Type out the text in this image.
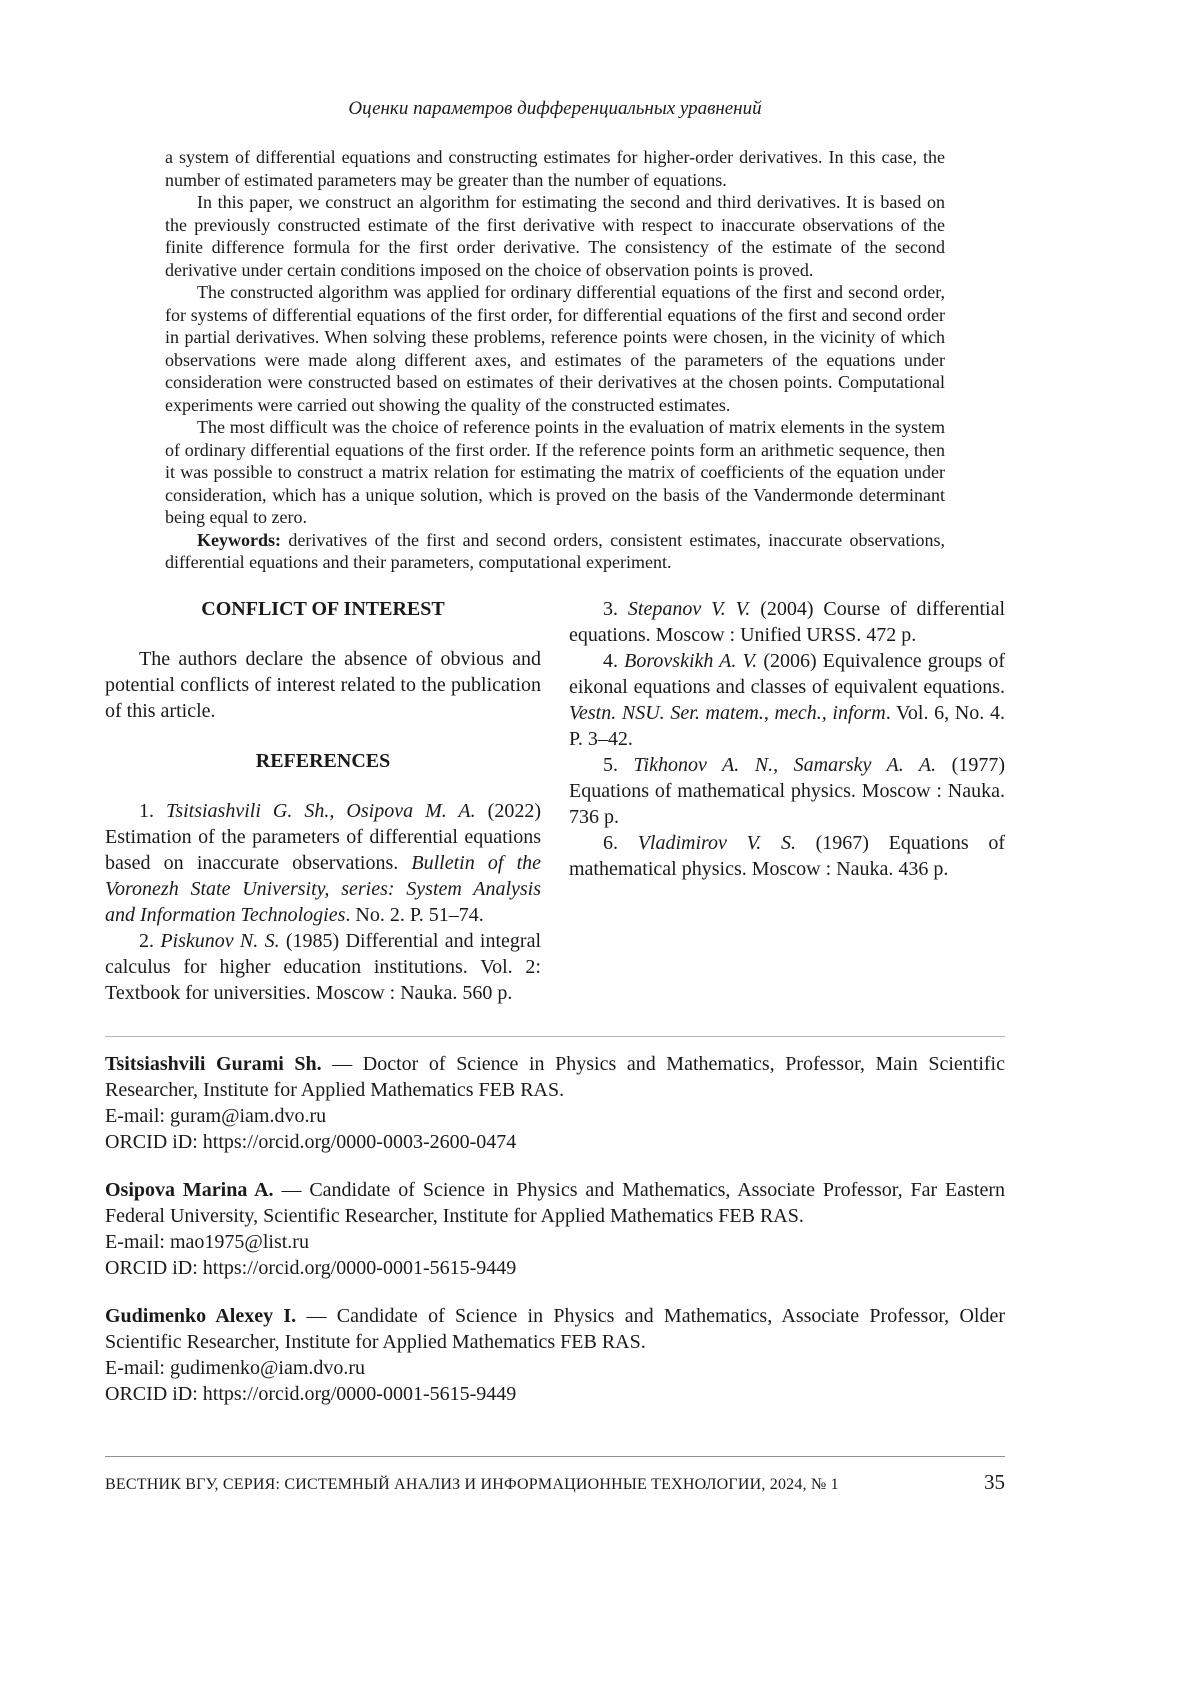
Оценки параметров дифференциальных уравнений

a system of differential equations and constructing estimates for higher-order derivatives. In this case, the number of estimated parameters may be greater than the number of equations.

In this paper, we construct an algorithm for estimating the second and third derivatives. It is based on the previously constructed estimate of the first derivative with respect to inaccurate observations of the finite difference formula for the first order derivative. The consistency of the estimate of the second derivative under certain conditions imposed on the choice of observation points is proved.

The constructed algorithm was applied for ordinary differential equations of the first and second order, for systems of differential equations of the first order, for differential equations of the first and second order in partial derivatives. When solving these problems, reference points were chosen, in the vicinity of which observations were made along different axes, and estimates of the parameters of the equations under consideration were constructed based on estimates of their derivatives at the chosen points. Computational experiments were carried out showing the quality of the constructed estimates.

The most difficult was the choice of reference points in the evaluation of matrix elements in the system of ordinary differential equations of the first order. If the reference points form an arithmetic sequence, then it was possible to construct a matrix relation for estimating the matrix of coefficients of the equation under consideration, which has a unique solution, which is proved on the basis of the Vandermonde determinant being equal to zero.

Keywords: derivatives of the first and second orders, consistent estimates, inaccurate observations, differential equations and their parameters, computational experiment.

CONFLICT OF INTEREST

The authors declare the absence of obvious and potential conflicts of interest related to the publication of this article.

REFERENCES

1. Tsitsiashvili G. Sh., Osipova M. A. (2022) Estimation of the parameters of differential equations based on inaccurate observations. Bulletin of the Voronezh State University, series: System Analysis and Information Technologies. No. 2. P. 51–74.

2. Piskunov N. S. (1985) Differential and integral calculus for higher education institutions. Vol. 2: Textbook for universities. Moscow : Nauka. 560 p.

3. Stepanov V. V. (2004) Course of differential equations. Moscow : Unified URSS. 472 p.

4. Borovskikh A. V. (2006) Equivalence groups of eikonal equations and classes of equivalent equations. Vestn. NSU. Ser. matem., mech., inform. Vol. 6, No. 4. P. 3–42.

5. Tikhonov A. N., Samarsky A. A. (1977) Equations of mathematical physics. Moscow : Nauka. 736 p.

6. Vladimirov V. S. (1967) Equations of mathematical physics. Moscow : Nauka. 436 p.

Tsitsiashvili Gurami Sh. — Doctor of Science in Physics and Mathematics, Professor, Main Scientific Researcher, Institute for Applied Mathematics FEB RAS.

E-mail: guram@iam.dvo.ru

ORCID iD: https://orcid.org/0000-0003-2600-0474

Osipova Marina A. — Candidate of Science in Physics and Mathematics, Associate Professor, Far Eastern Federal University, Scientific Researcher, Institute for Applied Mathematics FEB RAS.

E-mail: mao1975@list.ru

ORCID iD: https://orcid.org/0000-0001-5615-9449

Gudimenko Alexey I. — Candidate of Science in Physics and Mathematics, Associate Professor, Older Scientific Researcher, Institute for Applied Mathematics FEB RAS.

E-mail: gudimenko@iam.dvo.ru

ORCID iD: https://orcid.org/0000-0001-5615-9449

ВЕСТНИК ВГУ, СЕРИЯ: СИСТЕМНЫЙ АНАЛИЗ И ИНФОРМАЦИОННЫЕ ТЕХНОЛОГИИ, 2024, № 1	35
